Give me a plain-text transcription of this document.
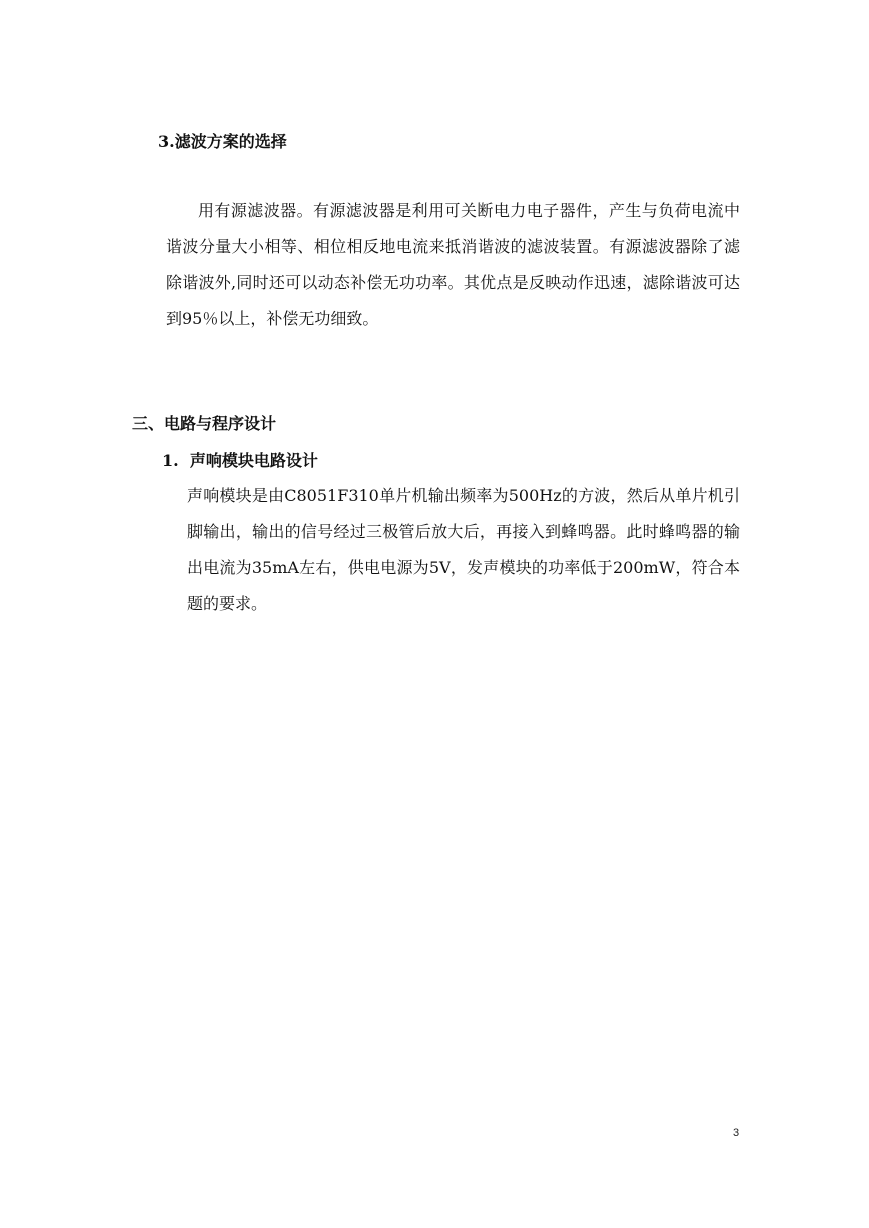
3.滤波方案的选择
用有源滤波器。有源滤波器是利用可关断电力电子器件，产生与负荷电流中谐波分量大小相等、相位相反地电流来抵消谐波的滤波装置。有源滤波器除了滤除谐波外,同时还可以动态补偿无功功率。其优点是反映动作迅速，滤除谐波可达到95％以上，补偿无功细致。
三、电路与程序设计
1.  声响模块电路设计
声响模块是由C8051F310单片机输出频率为500Hz的方波，然后从单片机引脚输出，输出的信号经过三极管后放大后，再接入到蜂鸣器。此时蜂鸣器的输出电流为35mA左右，供电电源为5V，发声模块的功率低于200mW，符合本题的要求。
3
